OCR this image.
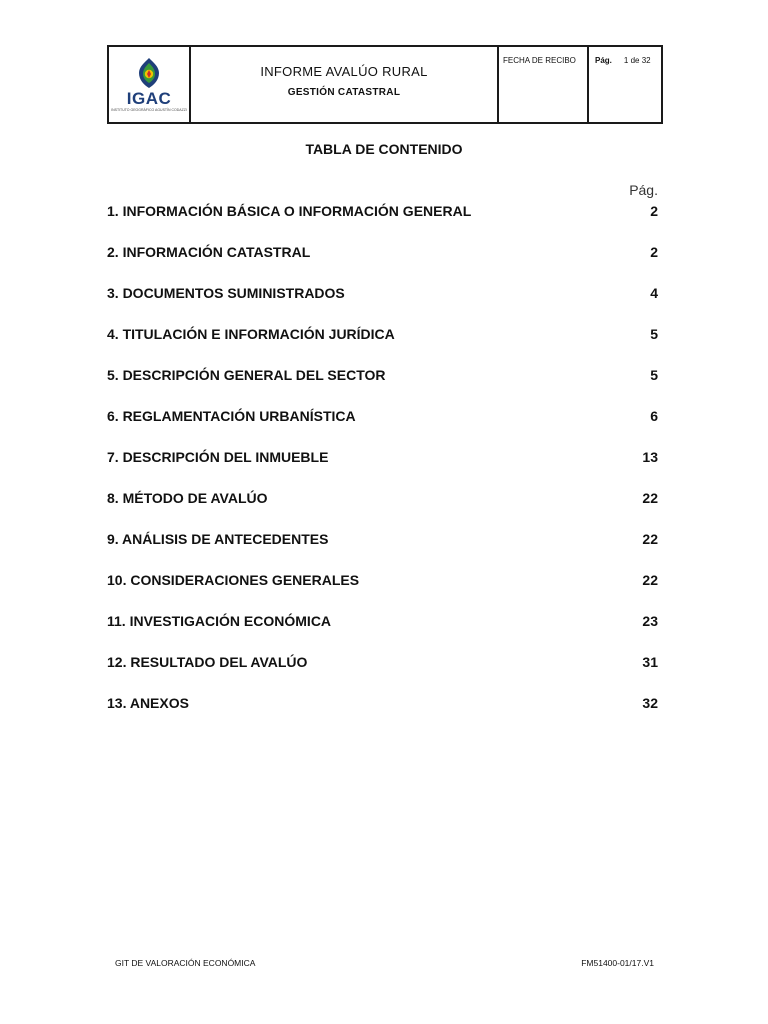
IGAC
INSTITUTO GEOGRÁFICO AGUSTÍN CODAZZI

INFORME AVALÚO RURAL
GESTIÓN CATASTRAL

FECHA DE RECIBO	Pág. 1 de 32
TABLA DE CONTENIDO
Pág.
1. INFORMACIÓN BÁSICA O INFORMACIÓN GENERAL	2
2. INFORMACIÓN CATASTRAL	2
3. DOCUMENTOS SUMINISTRADOS	4
4. TITULACIÓN E INFORMACIÓN JURÍDICA	5
5. DESCRIPCIÓN GENERAL DEL SECTOR	5
6. REGLAMENTACIÓN URBANÍSTICA	6
7. DESCRIPCIÓN DEL INMUEBLE	13
8. MÉTODO DE AVALÚO	22
9. ANÁLISIS DE ANTECEDENTES	22
10. CONSIDERACIONES GENERALES	22
11. INVESTIGACIÓN ECONÓMICA	23
12. RESULTADO DEL AVALÚO	31
13. ANEXOS	32
GIT DE VALORACIÓN ECONÓMICA	FM51400-01/17.V1
